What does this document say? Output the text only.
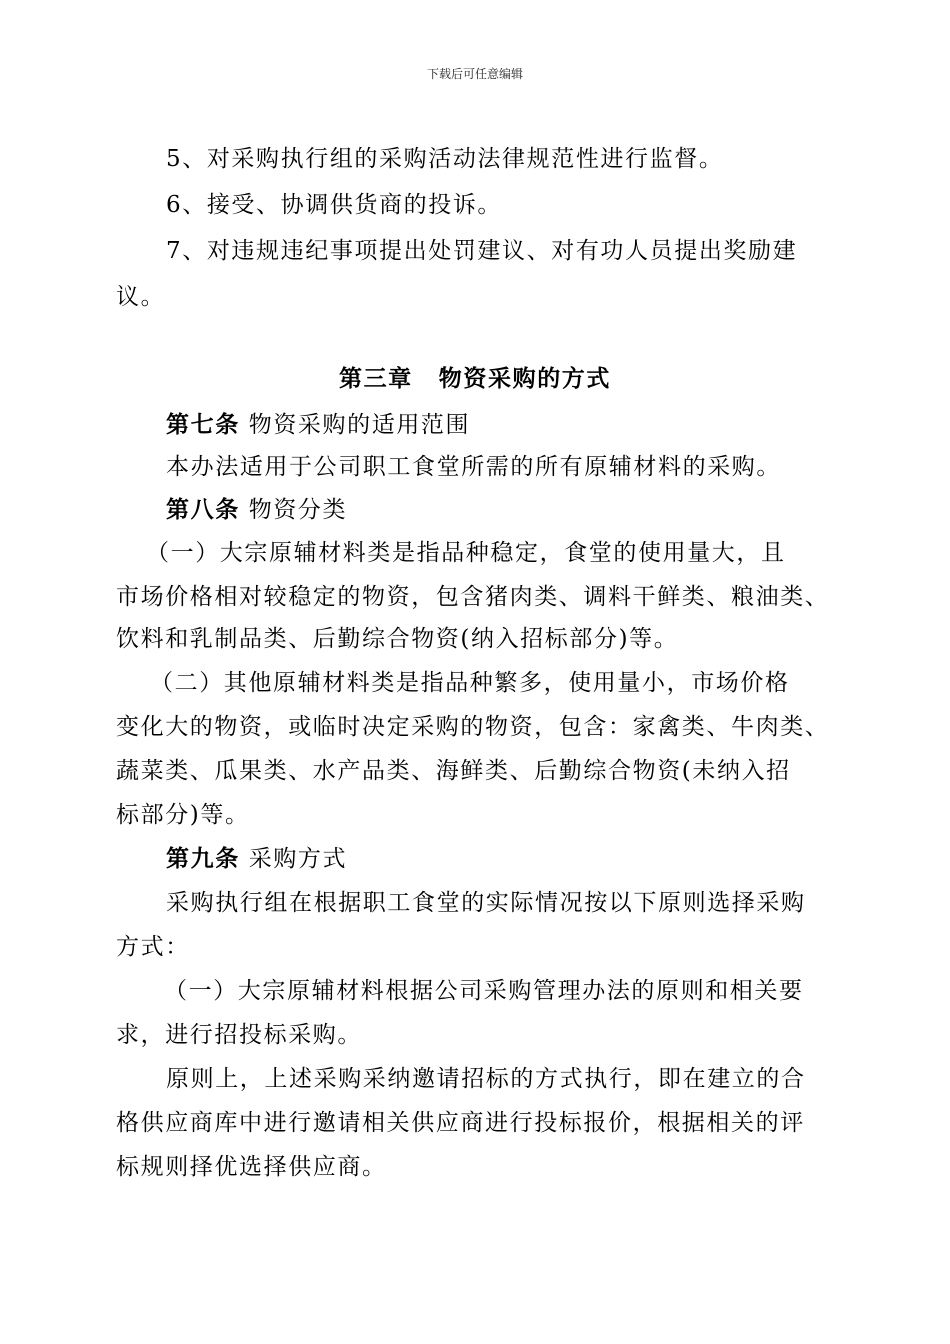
下载后可任意编辑
5、对采购执行组的采购活动法律规范性进行监督。
6、接受、协调供货商的投诉。
7、对违规违纪事项提出处罚建议、对有功人员提出奖励建
议。
第三章 物资采购的方式
第七条 物资采购的适用范围
本办法适用于公司职工食堂所需的所有原辅材料的采购。
第八条 物资分类
（一）大宗原辅材料类是指品种稳定，食堂的使用量大，且
市场价格相对较稳定的物资，包含猪肉类、调料干鲜类、粮油类、
饮料和乳制品类、后勤综合物资(纳入招标部分)等。
（二）其他原辅材料类是指品种繁多，使用量小，市场价格
变化大的物资，或临时决定采购的物资，包含：家禽类、牛肉类、
蔬菜类、瓜果类、水产品类、海鲜类、后勤综合物资(未纳入招
标部分)等。
第九条 采购方式
采购执行组在根据职工食堂的实际情况按以下原则选择采购
方式：
（一）大宗原辅材料根据公司采购管理办法的原则和相关要
求，进行招投标采购。
原则上，上述采购采纳邀请招标的方式执行，即在建立的合
格供应商库中进行邀请相关供应商进行投标报价，根据相关的评
标规则择优选择供应商。
